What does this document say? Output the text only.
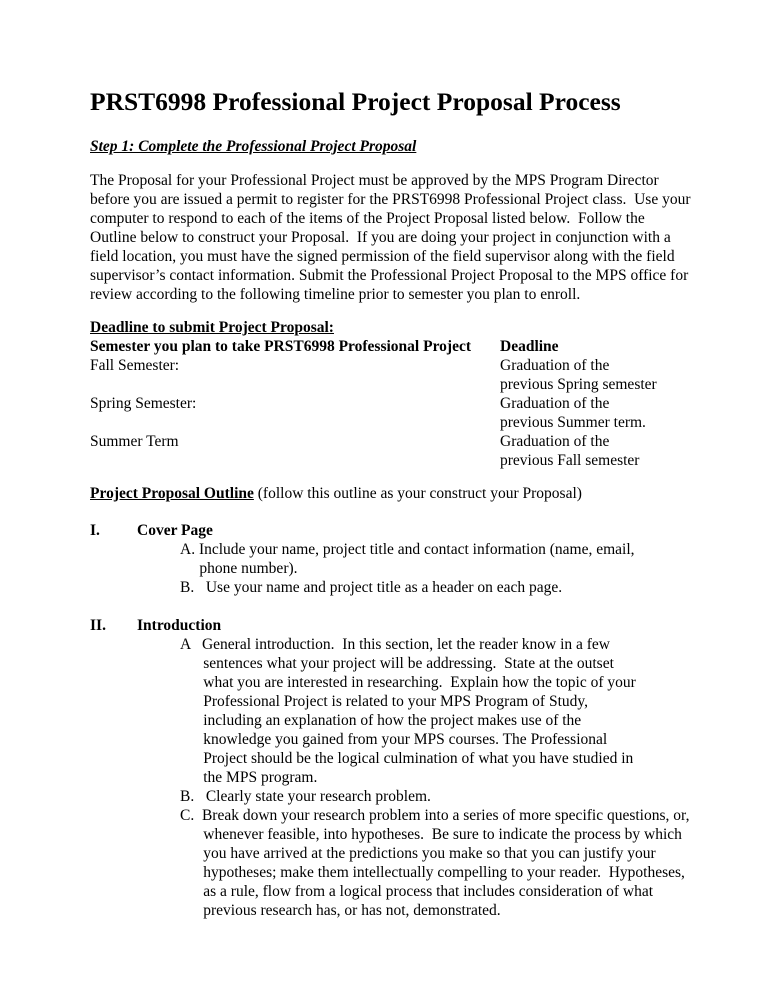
PRST6998 Professional Project Proposal Process
Step 1: Complete the Professional Project Proposal
The Proposal for your Professional Project must be approved by the MPS Program Director
before you are issued a permit to register for the PRST6998 Professional Project class.  Use your
computer to respond to each of the items of the Project Proposal listed below.  Follow the
Outline below to construct your Proposal.  If you are doing your project in conjunction with a
field location, you must have the signed permission of the field supervisor along with the field
supervisor’s contact information. Submit the Professional Project Proposal to the MPS office for
review according to the following timeline prior to semester you plan to enroll.
Deadline to submit Project Proposal:
Semester you plan to take PRST6998 Professional Project
Fall Semester:
Spring Semester:
Summer Term
Deadline
Graduation of the
previous Spring semester
Graduation of the
previous Summer term.
Graduation of the
previous Fall semester
Project Proposal Outline (follow this outline as your construct your Proposal)
I. Cover Page
A. Include your name, project title and contact information (name, email,
phone number).
B.   Use your name and project title as a header on each page.
II. Introduction
A   General introduction.  In this section, let the reader know in a few
sentences what your project will be addressing.  State at the outset
what you are interested in researching.  Explain how the topic of your
Professional Project is related to your MPS Program of Study,
including an explanation of how the project makes use of the
knowledge you gained from your MPS courses. The Professional
Project should be the logical culmination of what you have studied in
the MPS program.
B.   Clearly state your research problem.
C.  Break down your research problem into a series of more specific questions, or,
whenever feasible, into hypotheses.  Be sure to indicate the process by which
you have arrived at the predictions you make so that you can justify your
hypotheses; make them intellectually compelling to your reader.  Hypotheses,
as a rule, flow from a logical process that includes consideration of what
previous research has, or has not, demonstrated.
